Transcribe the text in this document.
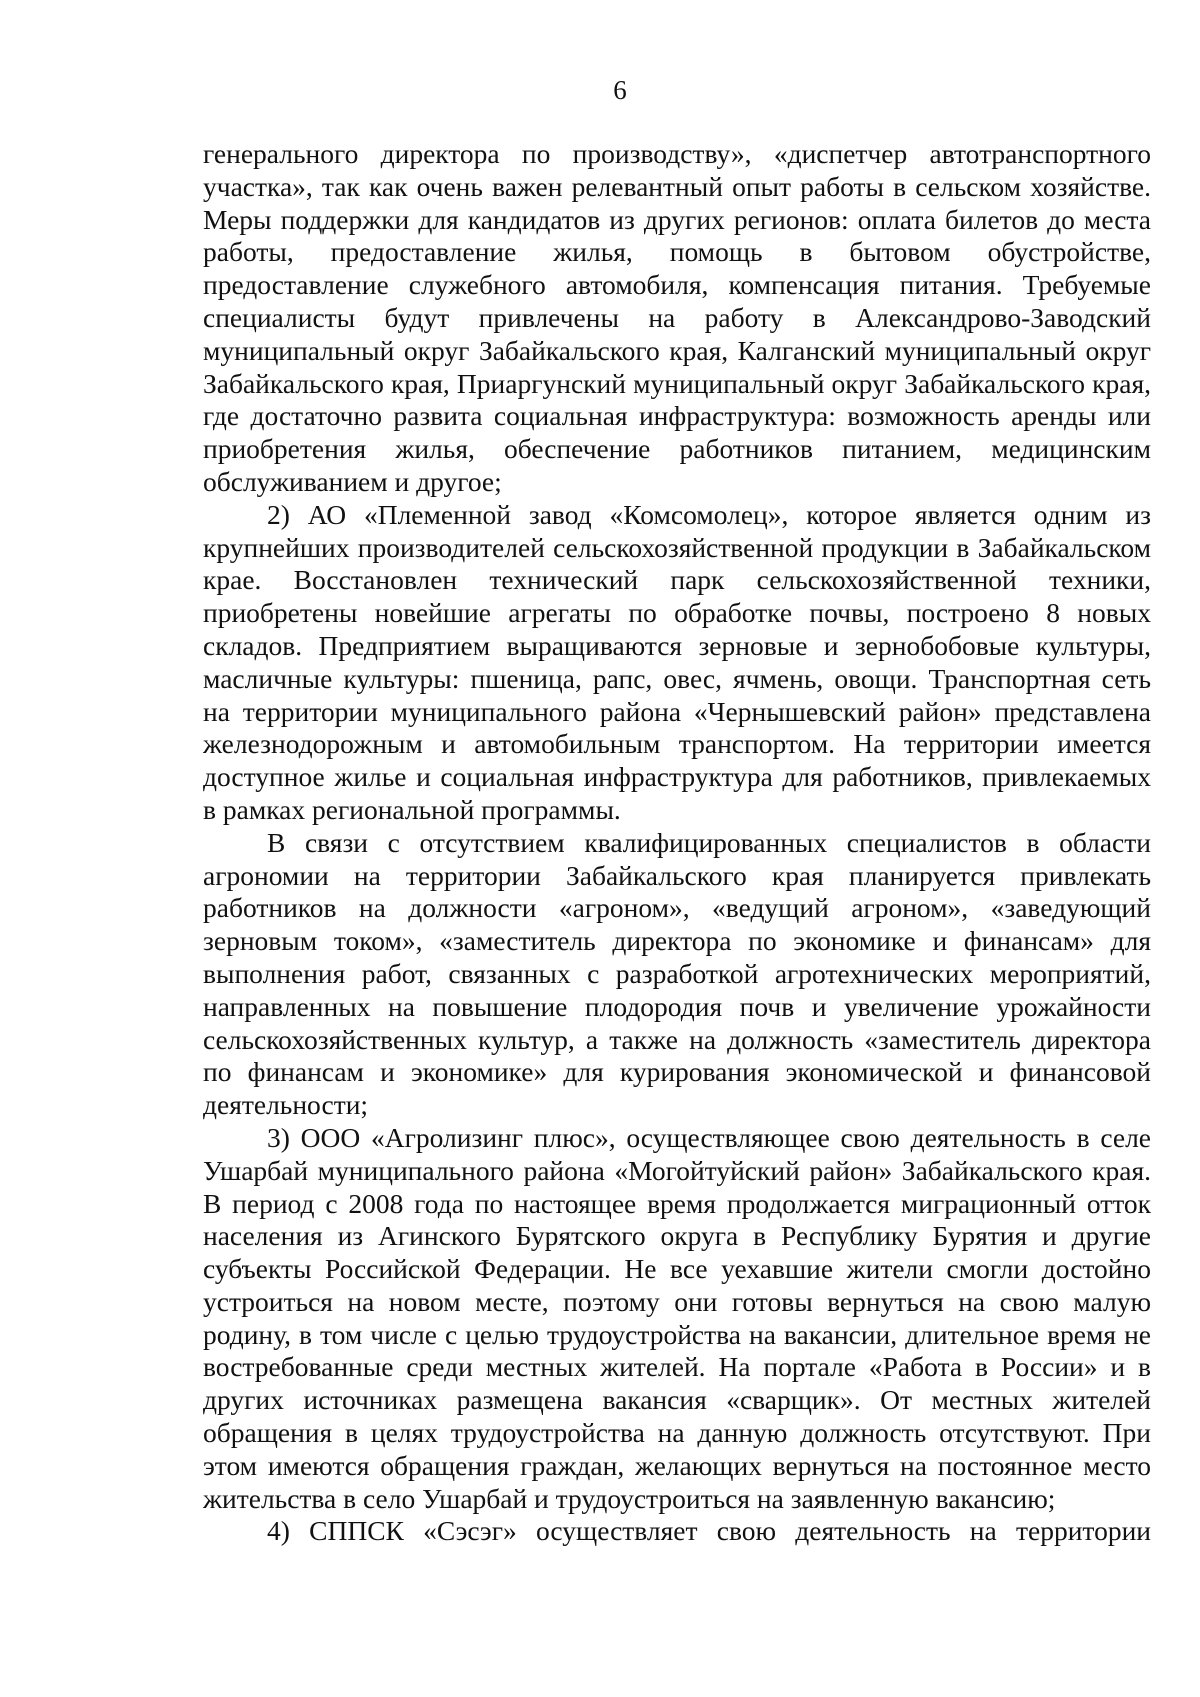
6

генерального директора по производству», «диспетчер автотранспортного участка», так как очень важен релевантный опыт работы в сельском хозяйстве. Меры поддержки для кандидатов из других регионов: оплата билетов до места работы, предоставление жилья, помощь в бытовом обустройстве, предоставление служебного автомобиля, компенсация питания. Требуемые специалисты будут привлечены на работу в Александрово-Заводский муниципальный округ Забайкальского края, Калганский муниципальный округ Забайкальского края, Приаргунский муниципальный округ Забайкальского края, где достаточно развита социальная инфраструктура: возможность аренды или приобретения жилья, обеспечение работников питанием, медицинским обслуживанием и другое;

2) АО «Племенной завод «Комсомолец», которое является одним из крупнейших производителей сельскохозяйственной продукции в Забайкальском крае. Восстановлен технический парк сельскохозяйственной техники, приобретены новейшие агрегаты по обработке почвы, построено 8 новых складов. Предприятием выращиваются зерновые и зернобобовые культуры, масличные культуры: пшеница, рапс, овес, ячмень, овощи. Транспортная сеть на территории муниципального района «Чернышевский район» представлена железнодорожным и автомобильным транспортом. На территории имеется доступное жилье и социальная инфраструктура для работников, привлекаемых в рамках региональной программы.

В связи с отсутствием квалифицированных специалистов в области агрономии на территории Забайкальского края планируется привлекать работников на должности «агроном», «ведущий агроном», «заведующий зерновым током», «заместитель директора по экономике и финансам» для выполнения работ, связанных с разработкой агротехнических мероприятий, направленных на повышение плодородия почв и увеличение урожайности сельскохозяйственных культур, а также на должность «заместитель директора по финансам и экономике» для курирования экономической и финансовой деятельности;

3) ООО «Агролизинг плюс», осуществляющее свою деятельность в селе Ушарбай муниципального района «Могойтуйский район» Забайкальского края. В период с 2008 года по настоящее время продолжается миграционный отток населения из Агинского Бурятского округа в Республику Бурятия и другие субъекты Российской Федерации. Не все уехавшие жители смогли достойно устроиться на новом месте, поэтому они готовы вернуться на свою малую родину, в том числе с целью трудоустройства на вакансии, длительное время не востребованные среди местных жителей. На портале «Работа в России» и в других источниках размещена вакансия «сварщик». От местных жителей обращения в целях трудоустройства на данную должность отсутствуют. При этом имеются обращения граждан, желающих вернуться на постоянное место жительства в село Ушарбай и трудоустроиться на заявленную вакансию;

4) СППСК «Сэсэг» осуществляет свою деятельность на территории
